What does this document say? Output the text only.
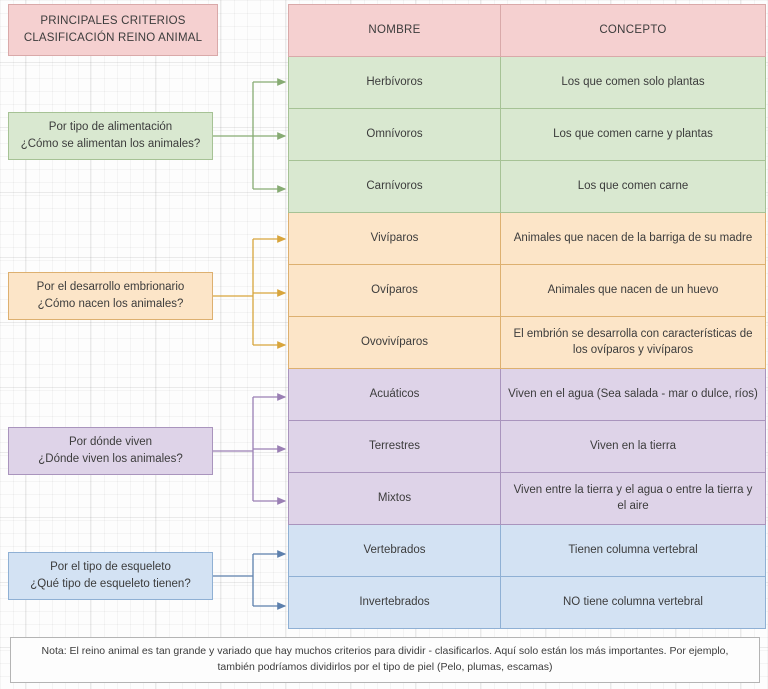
PRINCIPALES CRITERIOS
CLASIFICACIÓN REINO ANIMAL
Por tipo de alimentación
¿Cómo se alimentan los animales?
Por el desarrollo embrionario
¿Cómo nacen los animales?
Por dónde viven
¿Dónde viven los animales?
Por el tipo de esqueleto
¿Qué tipo de esqueleto tienen?
NOMBRE	CONCEPTO
Herbívoros	Los que comen solo plantas
Omnívoros	Los que comen carne y plantas
Carnívoros	Los que comen carne
Vivíparos	Animales que nacen de la barriga de su madre
Ovíparos	Animales que nacen de un huevo
Ovovivíparos	El embrión se desarrolla con características de los ovíparos y vivíparos
Acuáticos	Viven en el agua (Sea salada - mar o dulce, ríos)
Terrestres	Viven en la tierra
Mixtos	Viven entre la tierra y el agua o entre la tierra y el aire
Vertebrados	Tienen columna vertebral
Invertebrados	NO tiene columna vertebral
Nota: El reino animal es tan grande y variado que hay muchos criterios para dividir - clasificarlos. Aquí solo están los más importantes. Por ejemplo, también podríamos dividirlos por el tipo de piel (Pelo, plumas, escamas)
